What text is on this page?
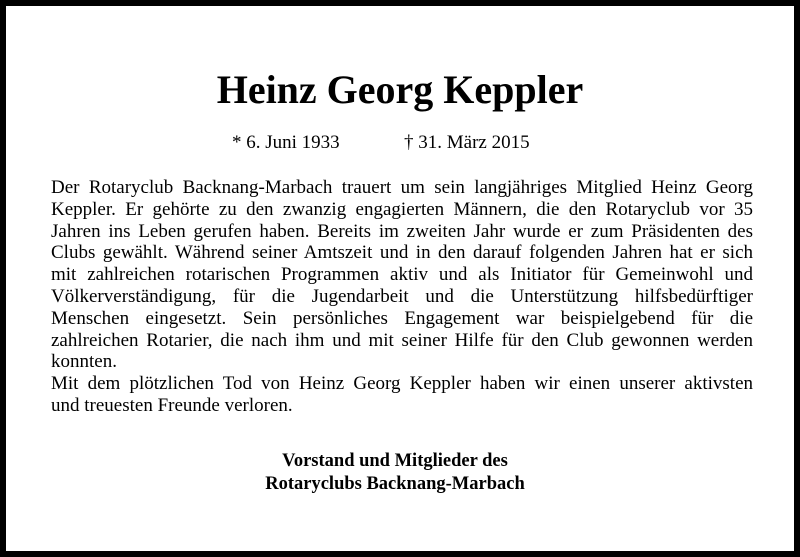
Heinz Georg Keppler
* 6. Juni 1933	† 31. März 2015
Der Rotaryclub Backnang-Marbach trauert um sein langjähriges Mitglied Heinz Georg
Keppler. Er gehörte zu den zwanzig engagierten Männern, die den Rotaryclub vor 35
Jahren ins Leben gerufen haben. Bereits im zweiten Jahr wurde er zum Präsidenten des
Clubs gewählt. Während seiner Amtszeit und in den darauf folgenden Jahren hat er sich
mit zahlreichen rotarischen Programmen aktiv und als Initiator für Gemeinwohl und
Völkerverständigung, für die Jugendarbeit und die Unterstützung hilfsbedürftiger
Menschen eingesetzt. Sein persönliches Engagement war beispielgebend für die
zahlreichen Rotarier, die nach ihm und mit seiner Hilfe für den Club gewonnen werden
konnten.
Mit dem plötzlichen Tod von Heinz Georg Keppler haben wir einen unserer aktivsten
und treuesten Freunde verloren.
Vorstand und Mitglieder des
Rotaryclubs Backnang-Marbach
